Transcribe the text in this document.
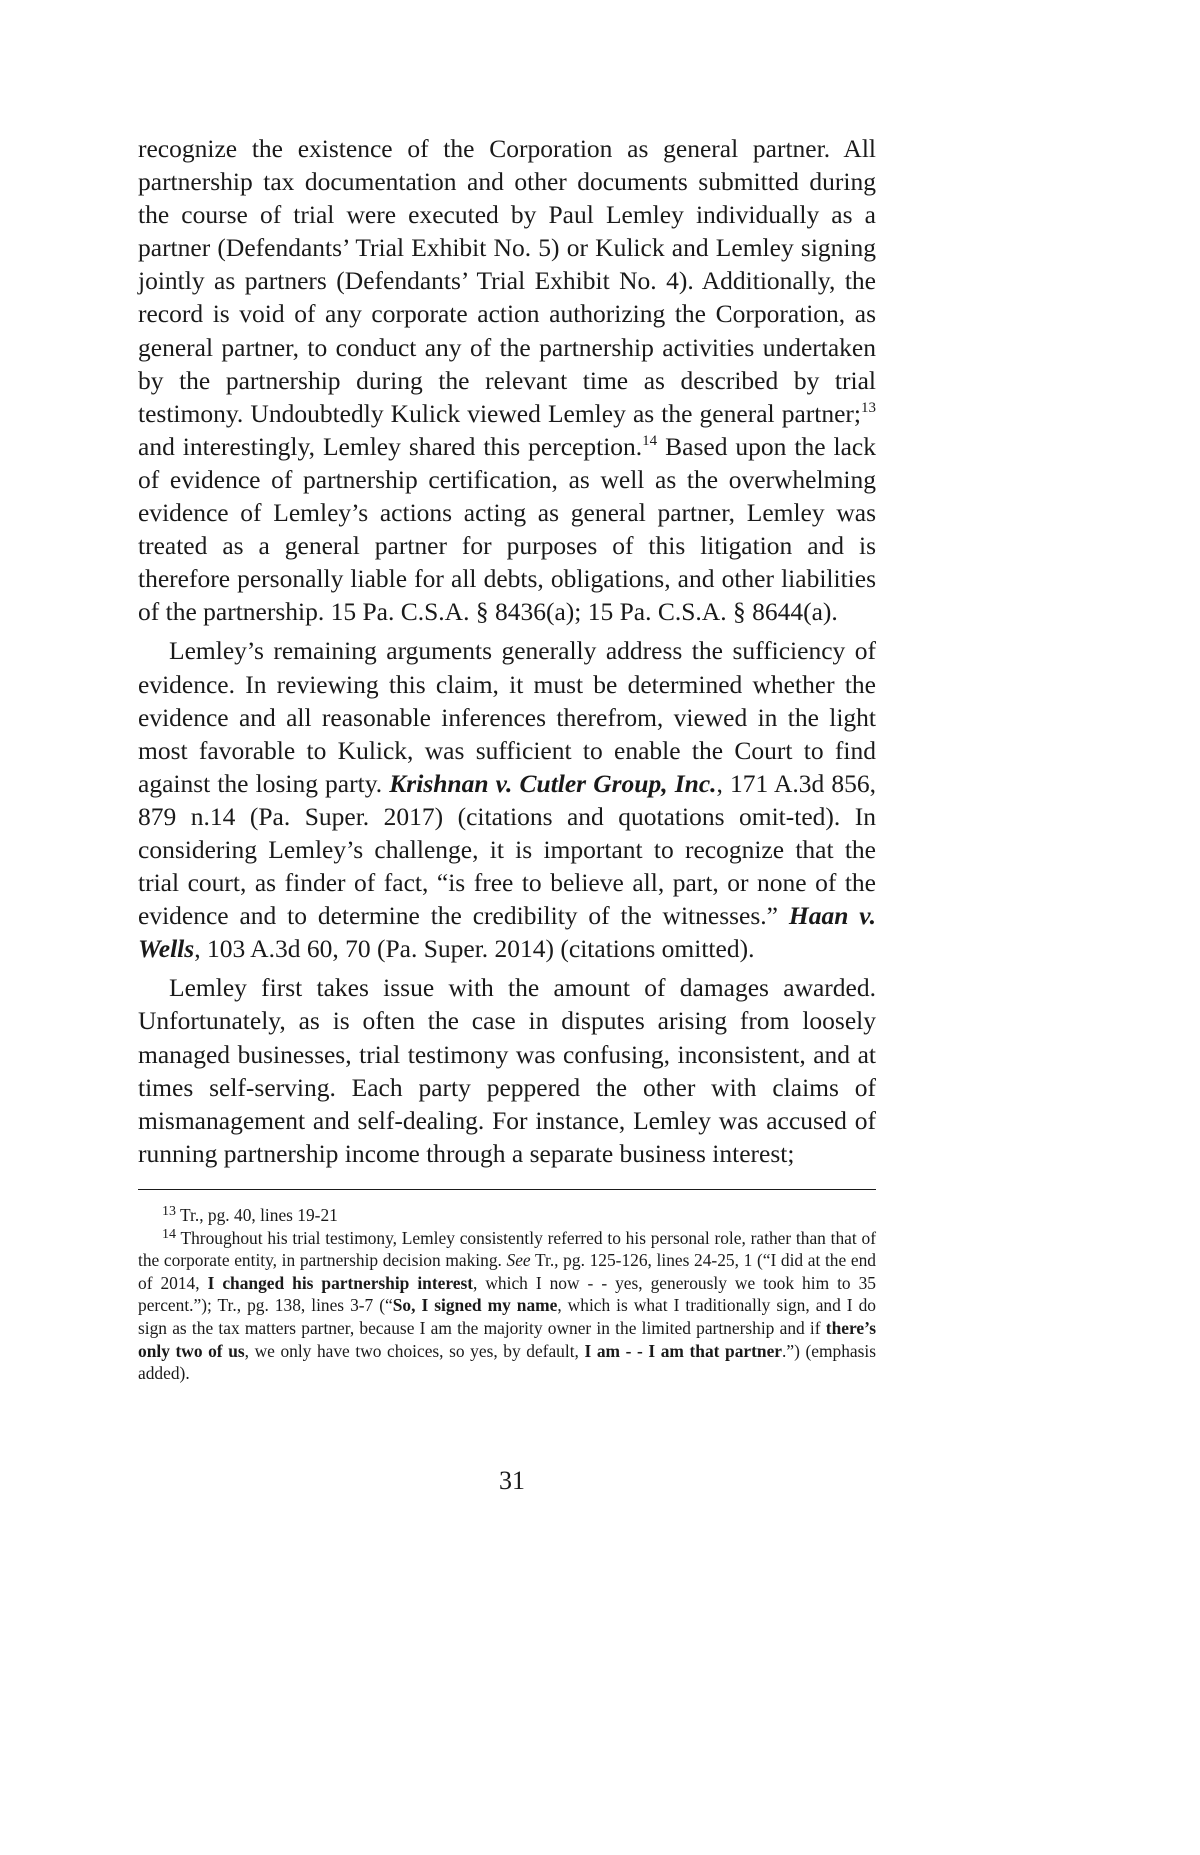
recognize the existence of the Corporation as general partner. All partnership tax documentation and other documents submitted during the course of trial were executed by Paul Lemley individually as a partner (Defendants’ Trial Exhibit No. 5) or Kulick and Lemley signing jointly as partners (Defendants’ Trial Exhibit No. 4). Additionally, the record is void of any corporate action authorizing the Corporation, as general partner, to conduct any of the partnership activities undertaken by the partnership during the relevant time as described by trial testimony. Undoubtedly Kulick viewed Lemley as the general partner;$^{13}$ and interestingly, Lemley shared this perception.$^{14}$ Based upon the lack of evidence of partnership certification, as well as the overwhelming evidence of Lemley’s actions acting as general partner, Lemley was treated as a general partner for purposes of this litigation and is therefore personally liable for all debts, obligations, and other liabilities of the partnership. 15 Pa. C.S.A. § 8436(a); 15 Pa. C.S.A. § 8644(a).

Lemley’s remaining arguments generally address the sufficiency of evidence. In reviewing this claim, it must be determined whether the evidence and all reasonable inferences therefrom, viewed in the light most favorable to Kulick, was sufficient to enable the Court to find against the losing party. Krishnan v. Cutler Group, Inc., 171 A.3d 856, 879 n.14 (Pa. Super. 2017) (citations and quotations omit-ted). In considering Lemley’s challenge, it is important to recognize that the trial court, as finder of fact, “is free to believe all, part, or none of the evidence and to determine the credibility of the witnesses.” Haan v. Wells, 103 A.3d 60, 70 (Pa. Super. 2014) (citations omitted).

Lemley first takes issue with the amount of damages awarded. Unfortunately, as is often the case in disputes arising from loosely managed businesses, trial testimony was confusing, inconsistent, and at times self-serving. Each party peppered the other with claims of mismanagement and self-dealing. For instance, Lemley was accused of running partnership income through a separate business interest;

$^{13}$ Tr., pg. 40, lines 19-21

$^{14}$ Throughout his trial testimony, Lemley consistently referred to his personal role, rather than that of the corporate entity, in partnership decision making. See Tr., pg. 125-126, lines 24-25, 1 (“I did at the end of 2014, I changed his partnership interest, which I now - - yes, generously we took him to 35 percent.”); Tr., pg. 138, lines 3-7 (“So, I signed my name, which is what I traditionally sign, and I do sign as the tax matters partner, because I am the majority owner in the limited partnership and if there’s only two of us, we only have two choices, so yes, by default, I am - - I am that partner.”) (emphasis added).

31
